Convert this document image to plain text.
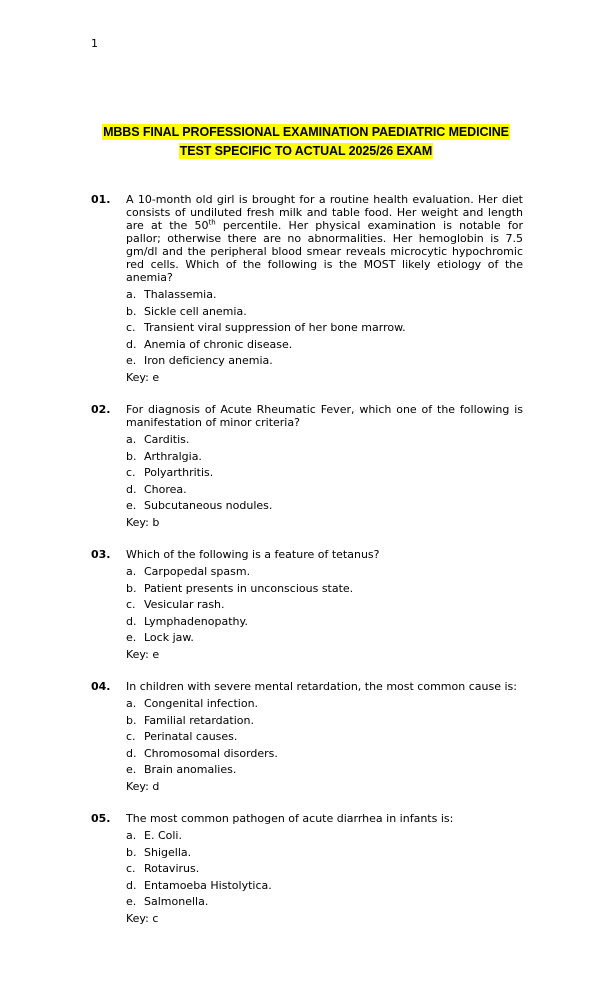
1
MBBS FINAL PROFESSIONAL EXAMINATION PAEDIATRIC MEDICINE
TEST SPECIFIC TO ACTUAL 2025/26 EXAM
01. A 10-month old girl is brought for a routine health evaluation. Her diet consists of undiluted fresh milk and table food. Her weight and length are at the 50th percentile. Her physical examination is notable for pallor; otherwise there are no abnormalities. Her hemoglobin is 7.5 gm/dl and the peripheral blood smear reveals microcytic hypochromic red cells. Which of the following is the MOST likely etiology of the anemia?
a. Thalassemia.
b. Sickle cell anemia.
c. Transient viral suppression of her bone marrow.
d. Anemia of chronic disease.
e. Iron deficiency anemia.
Key: e
02. For diagnosis of Acute Rheumatic Fever, which one of the following is manifestation of minor criteria?
a. Carditis.
b. Arthralgia.
c. Polyarthritis.
d. Chorea.
e. Subcutaneous nodules.
Key: b
03. Which of the following is a feature of tetanus?
a. Carpopedal spasm.
b. Patient presents in unconscious state.
c. Vesicular rash.
d. Lymphadenopathy.
e. Lock jaw.
Key: e
04. In children with severe mental retardation, the most common cause is:
a. Congenital infection.
b. Familial retardation.
c. Perinatal causes.
d. Chromosomal disorders.
e. Brain anomalies.
Key: d
05. The most common pathogen of acute diarrhea in infants is:
a. E. Coli.
b. Shigella.
c. Rotavirus.
d. Entamoeba Histolytica.
e. Salmonella.
Key: c
